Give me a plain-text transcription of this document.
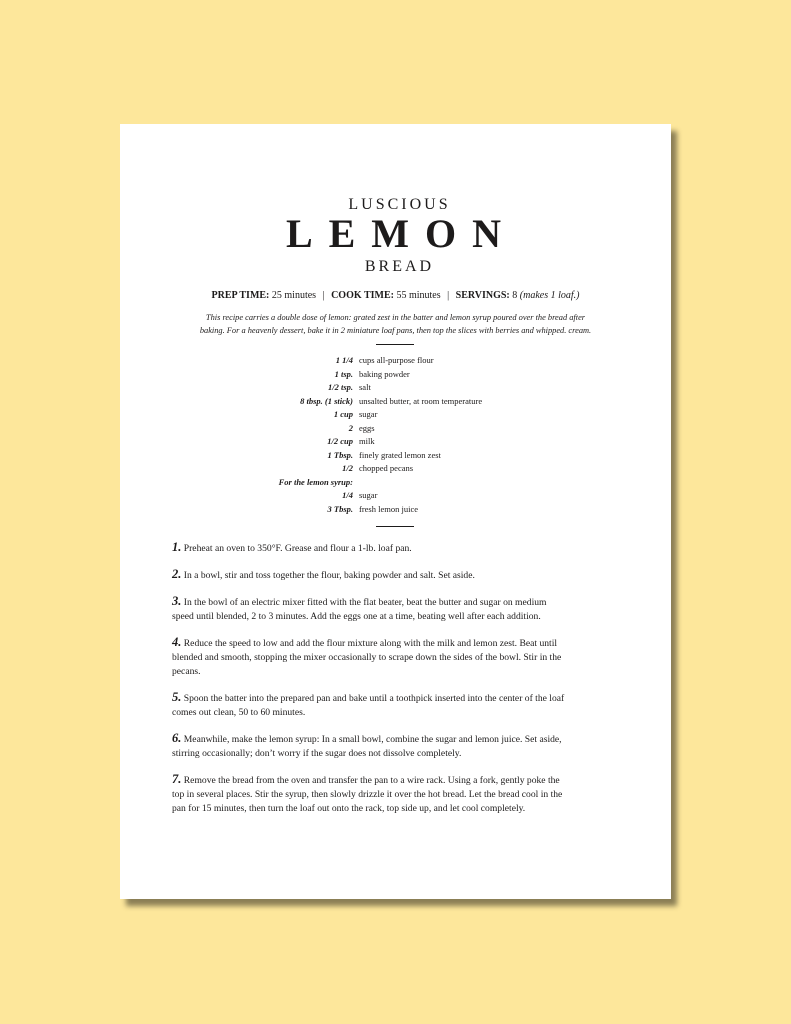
LUSCIOUS
LEMON
BREAD
PREP TIME: 25 minutes | COOK TIME: 55 minutes | SERVINGS: 8 (makes 1 loaf.)
This recipe carries a double dose of lemon: grated zest in the batter and lemon syrup poured over the bread after
baking. For a heavenly dessert, bake it in 2 miniature loaf pans, then top the slices with berries and whipped. cream.
1 1/4 cups all-purpose flour
1 tsp. baking powder
1/2 tsp. salt
8 tbsp. (1 stick) unsalted butter, at room temperature
1 cup sugar
2 eggs
1/2 cup milk
1 Tbsp. finely grated lemon zest
1/2 chopped pecans
For the lemon syrup:
1/4 sugar
3 Tbsp. fresh lemon juice
1. Preheat an oven to 350°F. Grease and flour a 1-lb. loaf pan.
2. In a bowl, stir and toss together the flour, baking powder and salt. Set aside.
3. In the bowl of an electric mixer fitted with the flat beater, beat the butter and sugar on medium
speed until blended, 2 to 3 minutes. Add the eggs one at a time, beating well after each addition.
4. Reduce the speed to low and add the flour mixture along with the milk and lemon zest. Beat until
blended and smooth, stopping the mixer occasionally to scrape down the sides of the bowl. Stir in the
pecans.
5. Spoon the batter into the prepared pan and bake until a toothpick inserted into the center of the loaf
comes out clean, 50 to 60 minutes.
6. Meanwhile, make the lemon syrup: In a small bowl, combine the sugar and lemon juice. Set aside,
stirring occasionally; don’t worry if the sugar does not dissolve completely.
7. Remove the bread from the oven and transfer the pan to a wire rack. Using a fork, gently poke the
top in several places. Stir the syrup, then slowly drizzle it over the hot bread. Let the bread cool in the
pan for 15 minutes, then turn the loaf out onto the rack, top side up, and let cool completely.
